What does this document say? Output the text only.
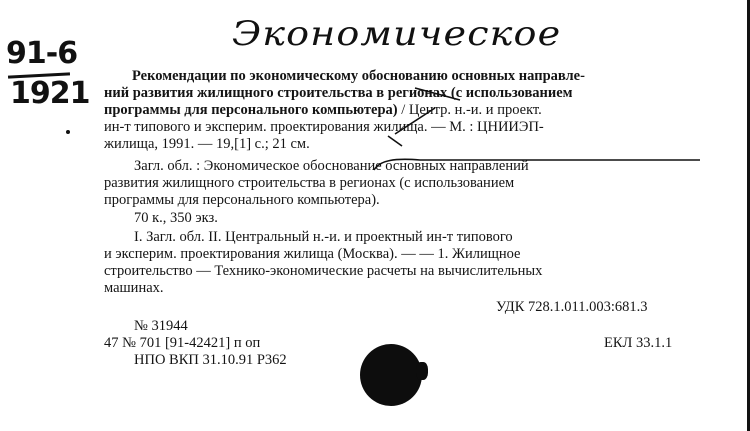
91-6
1921
Экономическое
Рекомендации по экономическому обоснованию основных направле-
ний развития жилищного строительства в регионах (с использованием
программы для персонального компьютера) / Центр. н.-и. и проект.
ин-т типового и эксперим. проектирования жилища. — М. : ЦНИИЭП-
жилища, 1991. — 19,[1] с.; 21 см.
Загл. обл. : Экономическое обоснование основных направлений
развития жилищного строительства в регионах (с использованием
программы для персонального компьютера).
70 к., 350 экз.
I. Загл. обл. II. Центральный н.-и. и проектный ин-т типового
и эксперим. проектирования жилища (Москва). — — 1. Жилищное
строительство — Технико-экономические расчеты на вычислительных
машинах.
УДК 728.1.011.003:681.3
№ 31944
47 № 701 [91-42421] п оп
НПО ВКП 31.10.91 Р362
ЕКЛ 33.1.1
